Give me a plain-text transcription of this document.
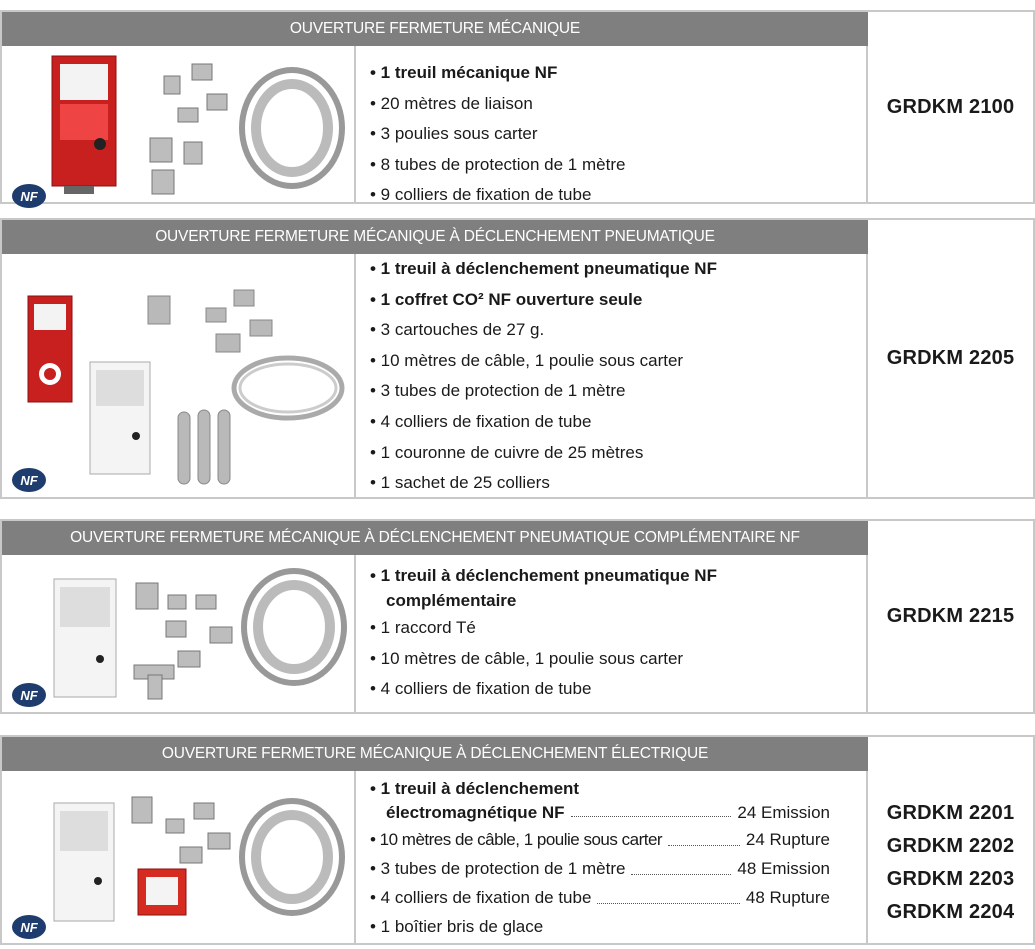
OUVERTURE FERMETURE MÉCANIQUE
NF
• 1 treuil mécanique NF
• 20 mètres de liaison
• 3 poulies sous carter
• 8 tubes de protection de 1 mètre
• 9 colliers de fixation de tube
GRDKM 2100
OUVERTURE FERMETURE MÉCANIQUE À DÉCLENCHEMENT PNEUMATIQUE
NF
• 1 treuil à déclenchement pneumatique NF
• 1 coffret CO² NF ouverture seule
• 3 cartouches de 27 g.
• 10 mètres de câble, 1 poulie sous carter
• 3 tubes de protection de 1 mètre
• 4 colliers de fixation de tube
• 1 couronne de cuivre de 25 mètres
• 1 sachet de 25 colliers
GRDKM 2205
OUVERTURE FERMETURE MÉCANIQUE À DÉCLENCHEMENT PNEUMATIQUE COMPLÉMENTAIRE NF
NF
• 1 treuil à déclenchement pneumatique NF
complémentaire
• 1 raccord Té
• 10 mètres de câble, 1 poulie sous carter
• 4 colliers de fixation de tube
GRDKM 2215
OUVERTURE FERMETURE MÉCANIQUE À DÉCLENCHEMENT ÉLECTRIQUE
NF
• 1 treuil à déclenchement
électromagnétique NF	24 Emission
• 10 mètres de câble, 1 poulie sous carter	24 Rupture
• 3 tubes de protection de 1 mètre	48 Emission
• 4 colliers de fixation de tube	48 Rupture
• 1 boîtier bris de glace
GRDKM 2201
GRDKM 2202
GRDKM 2203
GRDKM 2204
